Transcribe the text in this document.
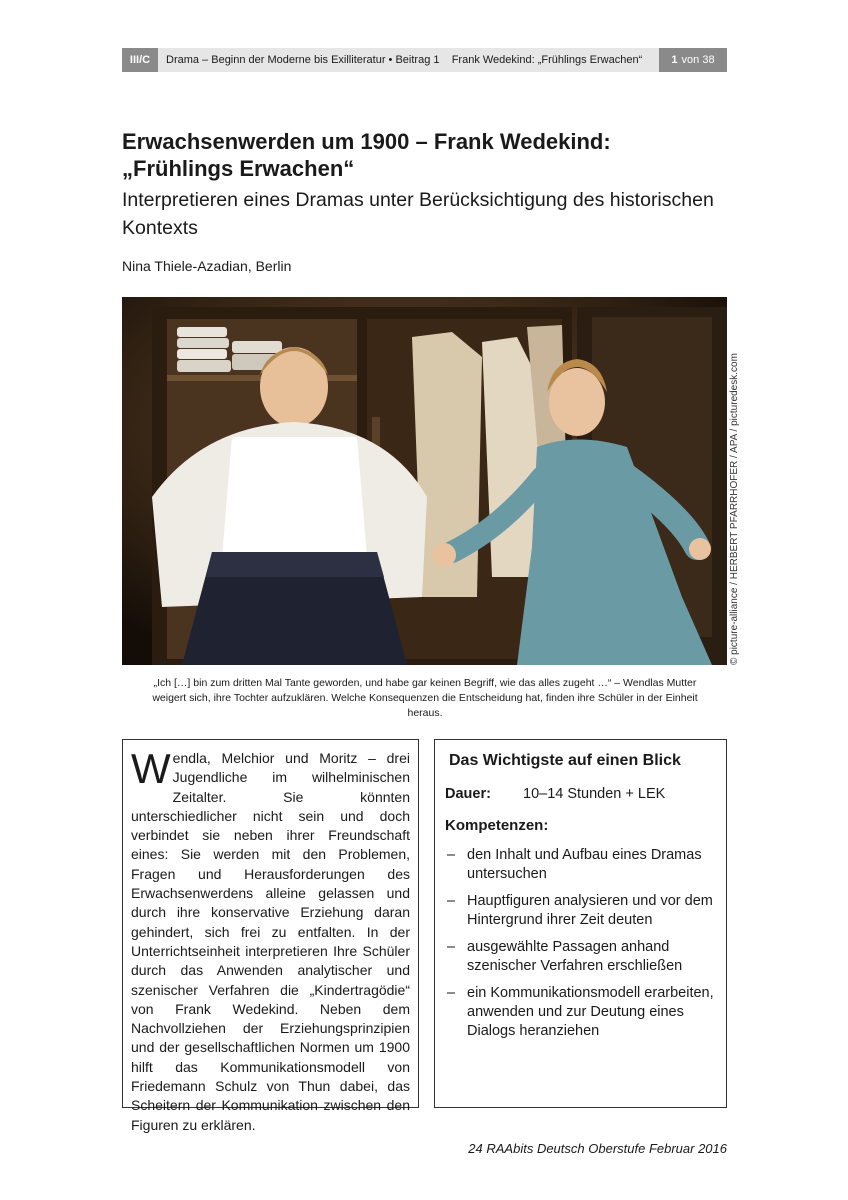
III/C	Drama – Beginn der Moderne bis Exilliteratur • Beitrag 1    Frank Wedekind: „Frühlings Erwachen“	1 von 38
Erwachsenwerden um 1900 – Frank Wedekind:
„Frühlings Erwachen“

Interpretieren eines Dramas unter Berücksichtigung des historischen Kontexts

Nina Thiele-Azadian, Berlin
© picture-alliance / HERBERT PFARRHOFER / APA / picturedesk.com
„Ich […] bin zum dritten Mal Tante geworden, und habe gar keinen Begriff, wie das alles zugeht …“ – Wendlas Mutter weigert sich, ihre Tochter aufzuklären. Welche Konsequenzen die Entscheidung hat, finden ihre Schüler in der Einheit heraus.
Wendla, Melchior und Moritz – drei Jugendliche im wilhelminischen Zeitalter. Sie könnten unterschiedlicher nicht sein und doch verbindet sie neben ihrer Freundschaft eines: Sie werden mit den Problemen, Fragen und Herausforderungen des Erwachsenwerdens alleine gelassen und durch ihre konservative Erziehung daran gehindert, sich frei zu entfalten. In der Unterrichtseinheit interpretieren Ihre Schüler durch das Anwenden analytischer und szenischer Verfahren die „Kindertragödie“ von Frank Wedekind. Neben dem Nachvollziehen der Erziehungsprinzipien und der gesellschaftlichen Normen um 1900 hilft das Kommunikationsmodell von Friedemann Schulz von Thun dabei, das Scheitern der Kommunikation zwischen den Figuren zu erklären.
Das Wichtigste auf einen Blick
Dauer:	10–14 Stunden + LEK
Kompetenzen:
– den Inhalt und Aufbau eines Dramas untersuchen
– Hauptfiguren analysieren und vor dem Hintergrund ihrer Zeit deuten
– ausgewählte Passagen anhand szenischer Verfahren erschließen
– ein Kommunikationsmodell erarbeiten, anwenden und zur Deutung eines Dialogs heranziehen
24 RAAbits Deutsch Oberstufe Februar 2016
